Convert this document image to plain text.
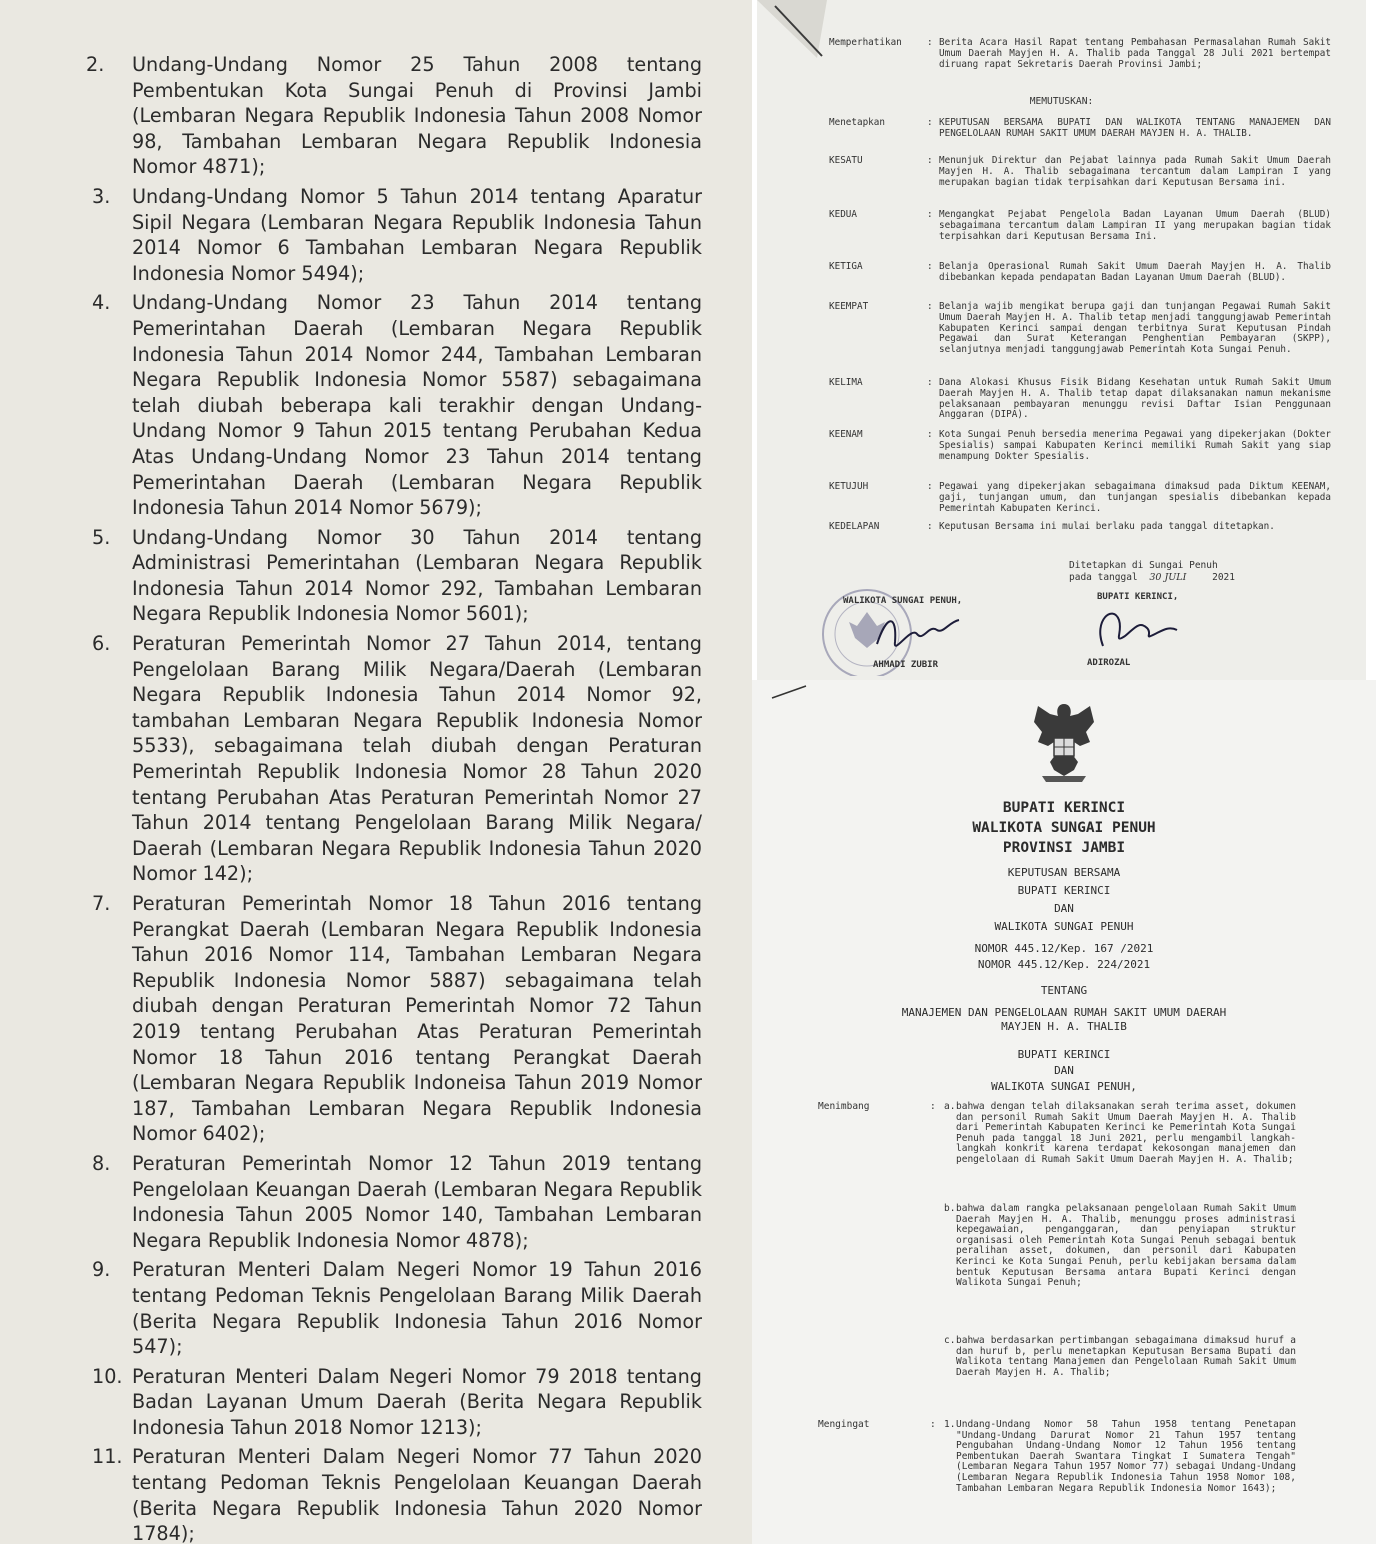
2.	Undang-Undang Nomor 25 Tahun 2008 tentang Pembentukan Kota Sungai Penuh di Provinsi Jambi (Lembaran Negara Republik Indonesia Tahun 2008 Nomor 98, Tambahan Lembaran Negara Republik Indonesia Nomor 4871);
3.	Undang-Undang Nomor 5 Tahun 2014 tentang Aparatur Sipil Negara (Lembaran Negara Republik Indonesia Tahun 2014 Nomor 6 Tambahan Lembaran Negara Republik Indonesia Nomor 5494);
4.	Undang-Undang Nomor 23 Tahun 2014 tentang Pemerintahan Daerah (Lembaran Negara Republik Indonesia Tahun 2014 Nomor 244, Tambahan Lembaran Negara Republik Indonesia Nomor 5587) sebagaimana telah diubah beberapa kali terakhir dengan Undang-Undang Nomor 9 Tahun 2015 tentang Perubahan Kedua Atas Undang-Undang Nomor 23 Tahun 2014 tentang Pemerintahan Daerah (Lembaran Negara Republik Indonesia Tahun 2014 Nomor 5679);
5.	Undang-Undang Nomor 30 Tahun 2014 tentang Administrasi Pemerintahan (Lembaran Negara Republik Indonesia Tahun 2014 Nomor 292, Tambahan Lembaran Negara Republik Indonesia Nomor 5601);
6.	Peraturan Pemerintah Nomor 27 Tahun 2014, tentang Pengelolaan Barang Milik Negara/Daerah (Lembaran Negara Republik Indonesia Tahun 2014 Nomor 92, tambahan Lembaran Negara Republik Indonesia Nomor 5533), sebagaimana telah diubah dengan Peraturan Pemerintah Republik Indonesia Nomor 28 Tahun 2020 tentang Perubahan Atas Peraturan Pemerintah Nomor 27 Tahun 2014 tentang Pengelolaan Barang Milik Negara/ Daerah (Lembaran Negara Republik Indonesia Tahun 2020 Nomor 142);
7.	Peraturan Pemerintah Nomor 18 Tahun 2016 tentang Perangkat Daerah (Lembaran Negara Republik Indonesia Tahun 2016 Nomor 114, Tambahan Lembaran Negara Republik Indonesia Nomor 5887) sebagaimana telah diubah dengan Peraturan Pemerintah Nomor 72 Tahun 2019 tentang Perubahan Atas Peraturan Pemerintah Nomor 18 Tahun 2016 tentang Perangkat Daerah (Lembaran Negara Republik Indoneisa Tahun 2019 Nomor 187, Tambahan Lembaran Negara Republik Indonesia Nomor 6402);
8.	Peraturan Pemerintah Nomor 12 Tahun 2019 tentang Pengelolaan Keuangan Daerah (Lembaran Negara Republik Indonesia Tahun 2005 Nomor 140, Tambahan Lembaran Negara Republik Indonesia Nomor 4878);
9.	Peraturan Menteri Dalam Negeri Nomor 19 Tahun 2016 tentang Pedoman Teknis Pengelolaan Barang Milik Daerah (Berita Negara Republik Indonesia Tahun 2016 Nomor 547);
10. Peraturan Menteri Dalam Negeri Nomor 79 2018 tentang Badan Layanan Umum Daerah (Berita Negara Republik Indonesia Tahun 2018 Nomor 1213);
11. Peraturan Menteri Dalam Negeri Nomor 77 Tahun 2020 tentang Pedoman Teknis Pengelolaan Keuangan Daerah (Berita Negara Republik Indonesia Tahun 2020 Nomor 1784);
Memperhatikan	: Berita Acara Hasil Rapat tentang Pembahasan Permasalahan Rumah Sakit Umum Daerah Mayjen H. A. Thalib pada Tanggal 28 Juli 2021 bertempat diruang rapat Sekretaris Daerah Provinsi Jambi;
MEMUTUSKAN:
Menetapkan	: KEPUTUSAN BERSAMA BUPATI DAN WALIKOTA TENTANG MANAJEMEN DAN PENGELOLAAN RUMAH SAKIT UMUM DAERAH MAYJEN H. A. THALIB.
KESATU	: Menunjuk Direktur dan Pejabat lainnya pada Rumah Sakit Umum Daerah Mayjen H. A. Thalib sebagaimana tercantum dalam Lampiran I yang merupakan bagian tidak terpisahkan dari Keputusan Bersama ini.
KEDUA	: Mengangkat Pejabat Pengelola Badan Layanan Umum Daerah (BLUD) sebagaimana tercantum dalam Lampiran II yang merupakan bagian tidak terpisahkan dari Keputusan Bersama Ini.
KETIGA	: Belanja Operasional Rumah Sakit Umum Daerah Mayjen H. A. Thalib dibebankan kepada pendapatan Badan Layanan Umum Daerah (BLUD).
KEEMPAT	: Belanja wajib mengikat berupa gaji dan tunjangan Pegawai Rumah Sakit Umum Daerah Mayjen H. A. Thalib tetap menjadi tanggungjawab Pemerintah Kabupaten Kerinci sampai dengan terbitnya Surat Keputusan Pindah Pegawai dan Surat Keterangan Penghentian Pembayaran (SKPP), selanjutnya menjadi tanggungjawab Pemerintah Kota Sungai Penuh.
KELIMA	: Dana Alokasi Khusus Fisik Bidang Kesehatan untuk Rumah Sakit Umum Daerah Mayjen H. A. Thalib tetap dapat dilaksanakan namun mekanisme pelaksanaan pembayaran menunggu revisi Daftar Isian Penggunaan Anggaran (DIPA).
KEENAM	: Kota Sungai Penuh bersedia menerima Pegawai yang dipekerjakan (Dokter Spesialis) sampai Kabupaten Kerinci memiliki Rumah Sakit yang siap menampung Dokter Spesialis.
KETUJUH	: Pegawai yang dipekerjakan sebagaimana dimaksud pada Diktum KEENAM, gaji, tunjangan umum, dan tunjangan spesialis dibebankan kepada Pemerintah Kabupaten Kerinci.
KEDELAPAN	: Keputusan Bersama ini mulai berlaku pada tanggal ditetapkan.
Ditetapkan di Sungai Penuh
pada tanggal 30 JULI	2021
WALIKOTA SUNGAI PENUH,
AHMADI ZUBIR
BUPATI KERINCI,
ADIROZAL
BUPATI KERINCI
WALIKOTA SUNGAI PENUH
PROVINSI JAMBI
KEPUTUSAN BERSAMA
BUPATI KERINCI
DAN
WALIKOTA SUNGAI PENUH
NOMOR 445.12/Kep. 167 /2021
NOMOR 445.12/Kep. 224/2021
TENTANG
MANAJEMEN DAN PENGELOLAAN RUMAH SAKIT UMUM DAERAH
MAYJEN H. A. THALIB
BUPATI KERINCI
DAN
WALIKOTA SUNGAI PENUH,
Menimbang	: a. bahwa dengan telah dilaksanakan serah terima asset, dokumen dan personil Rumah Sakit Umum Daerah Mayjen H. A. Thalib dari Pemerintah Kabupaten Kerinci ke Pemerintah Kota Sungai Penuh pada tanggal 18 Juni 2021, perlu mengambil langkah-langkah konkrit karena terdapat kekosongan manajemen dan pengelolaan di Rumah Sakit Umum Daerah Mayjen H. A. Thalib;
b. bahwa dalam rangka pelaksanaan pengelolaan Rumah Sakit Umum Daerah Mayjen H. A. Thalib, menunggu proses administrasi kepegawaian, penganggaran, dan penyiapan struktur organisasi oleh Pemerintah Kota Sungai Penuh sebagai bentuk peralihan asset, dokumen, dan personil dari Kabupaten Kerinci ke Kota Sungai Penuh, perlu kebijakan bersama dalam bentuk Keputusan Bersama antara Bupati Kerinci dengan Walikota Sungai Penuh;
c. bahwa berdasarkan pertimbangan sebagaimana dimaksud huruf a dan huruf b, perlu menetapkan Keputusan Bersama Bupati dan Walikota tentang Manajemen dan Pengelolaan Rumah Sakit Umum Daerah Mayjen H. A. Thalib;
Mengingat	: 1. Undang-Undang Nomor 58 Tahun 1958 tentang Penetapan "Undang-Undang Darurat Nomor 21 Tahun 1957 tentang Pengubahan Undang-Undang Nomor 12 Tahun 1956 tentang Pembentukan Daerah Swantara Tingkat I Sumatera Tengah" (Lembaran Negara Tahun 1957 Nomor 77) sebagai Undang-Undang (Lembaran Negara Republik Indonesia Tahun 1958 Nomor 108, Tambahan Lembaran Negara Republik Indonesia Nomor 1643);
